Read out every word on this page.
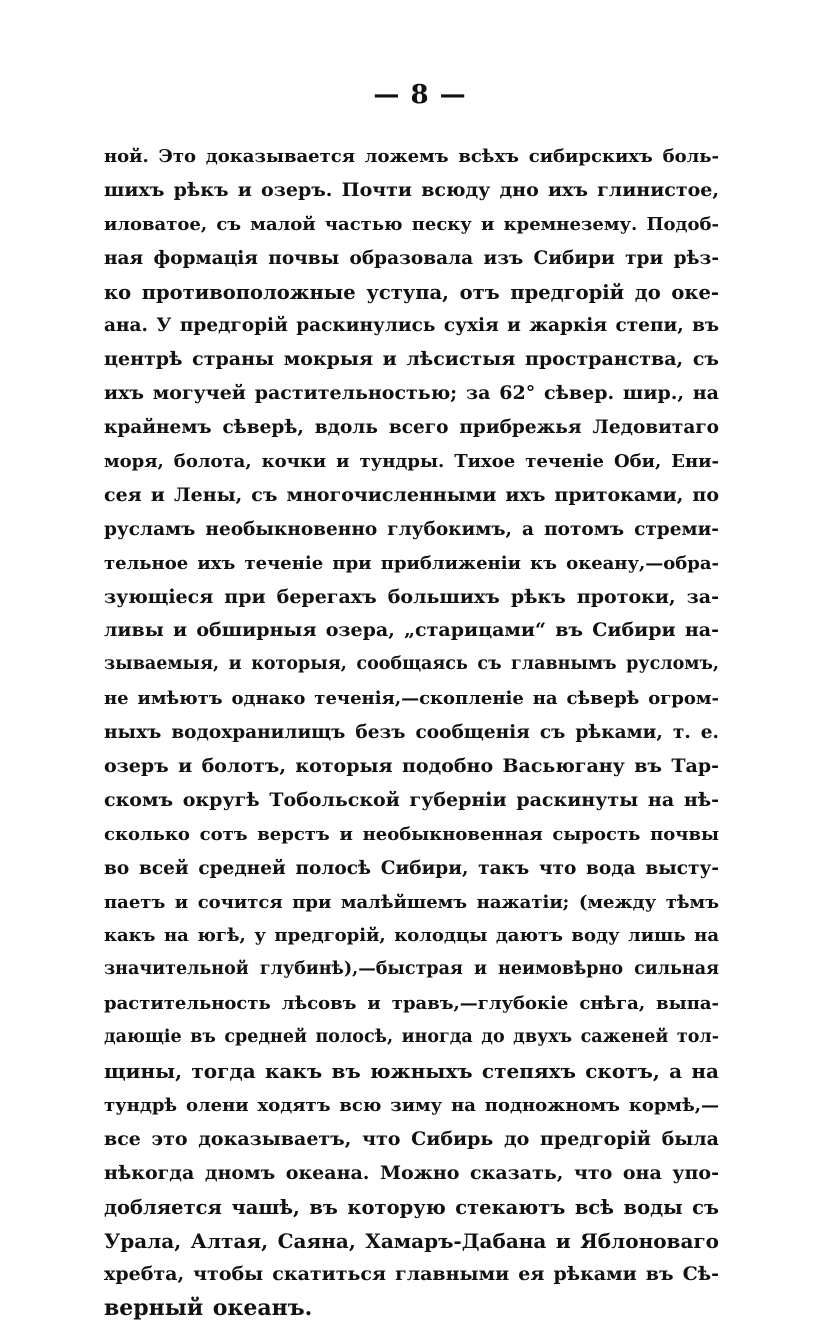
— 8 —
ной. Это доказывается ложемъ всѣхъ сибирскихъ боль-
шихъ рѣкъ и озеръ. Почти всюду дно ихъ глинистое,
иловатое, съ малой частью песку и кремнезему. Подоб-
ная формація почвы образовала изъ Сибири три рѣз-
ко противоположные уступа, отъ предгорій до оке-
ана. У предгорій раскинулись сухія и жаркія степи, въ
центрѣ страны мокрыя и лѣсистыя пространства, съ
ихъ могучей растительностью; за 62° сѣвер. шир., на
крайнемъ сѣверѣ, вдоль всего прибрежья Ледовитаго
моря, болота, кочки и тундры. Тихое теченіе Оби, Ени-
сея и Лены, съ многочисленными ихъ притоками, по
русламъ необыкновенно глубокимъ, а потомъ стреми-
тельное ихъ теченіе при приближеніи къ океану,—обра-
зующіеся при берегахъ большихъ рѣкъ протоки, за-
ливы и обширныя озера, „старицами“ въ Сибири на-
зываемыя, и которыя, сообщаясь съ главнымъ русломъ,
не имѣютъ однако теченія,—скопленіе на сѣверѣ огром-
ныхъ водохранилищъ безъ сообщенія съ рѣками, т. е.
озеръ и болотъ, которыя подобно Васьюгану въ Тар-
скомъ округѣ Тобольской губерніи раскинуты на нѣ-
сколько сотъ верстъ и необыкновенная сырость почвы
во всей средней полосѣ Сибири, такъ что вода высту-
паетъ и сочится при малѣйшемъ нажатіи; (между тѣмъ
какъ на югѣ, у предгорій, колодцы даютъ воду лишь на
значительной глубинѣ),—быстрая и неимовѣрно сильная
растительность лѣсовъ и травъ,—глубокіе снѣга, выпа-
дающіе въ средней полосѣ, иногда до двухъ саженей тол-
щины, тогда какъ въ южныхъ степяхъ скотъ, а на
тундрѣ олени ходятъ всю зиму на подножномъ кормѣ,—
все это доказываетъ, что Сибирь до предгорій была
нѣкогда дномъ океана. Можно сказать, что она упо-
добляется чашѣ, въ которую стекаютъ всѣ воды съ
Урала, Алтая, Саяна, Хамаръ-Дабана и Яблоноваго
хребта, чтобы скатиться главными ея рѣками въ Сѣ-
верный океанъ.
